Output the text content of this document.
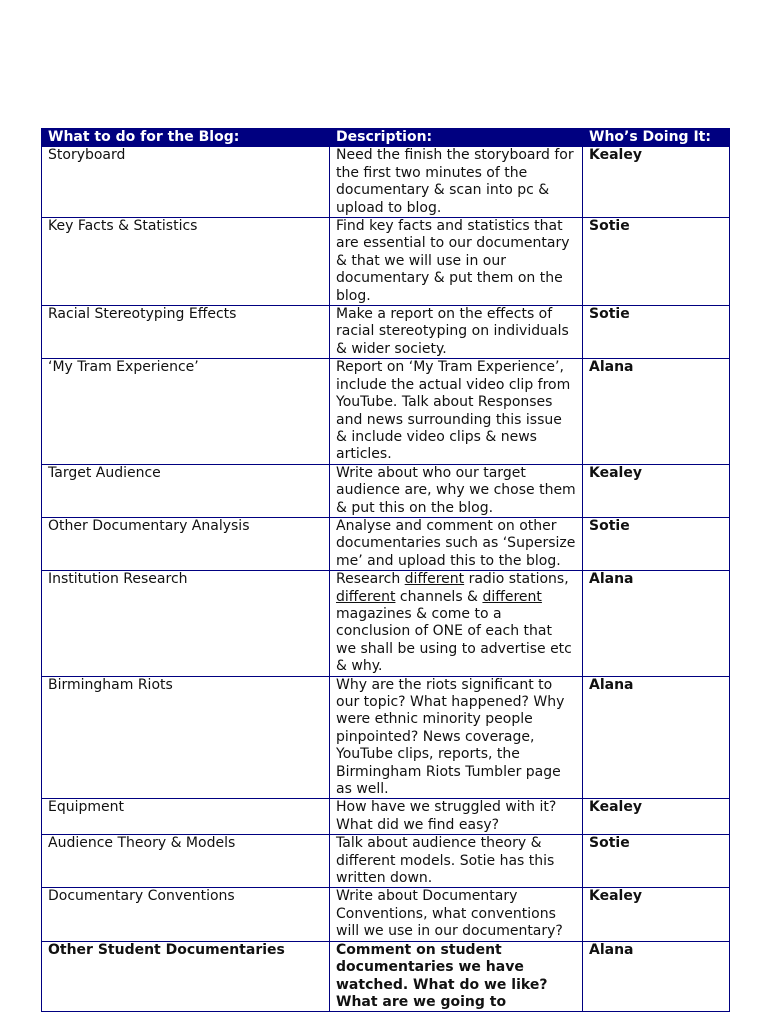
What to do for the Blog:	Description:	Who’s Doing It:
Storyboard	Need the finish the storyboard for the first two minutes of the documentary & scan into pc & upload to blog.	Kealey
Key Facts & Statistics	Find key facts and statistics that are essential to our documentary & that we will use in our documentary & put them on the blog.	Sotie
Racial Stereotyping Effects	Make a report on the effects of racial stereotyping on individuals & wider society.	Sotie
‘My Tram Experience’	Report on ‘My Tram Experience’, include the actual video clip from YouTube. Talk about Responses and news surrounding this issue & include video clips & news articles.	Alana
Target Audience	Write about who our target audience are, why we chose them & put this on the blog.	Kealey
Other Documentary Analysis	Analyse and comment on other documentaries such as ‘Supersize me’ and upload this to the blog.	Sotie
Institution Research	Research different radio stations, different channels & different magazines & come to a conclusion of ONE of each that we shall be using to advertise etc & why.	Alana
Birmingham Riots	Why are the riots significant to our topic? What happened? Why were ethnic minority people pinpointed? News coverage, YouTube clips, reports, the Birmingham Riots Tumbler page as well.	Alana
Equipment	How have we struggled with it? What did we find easy?	Kealey
Audience Theory & Models	Talk about audience theory & different models. Sotie has this written down.	Sotie
Documentary Conventions	Write about Documentary Conventions, what conventions will we use in our documentary?	Kealey
Other Student Documentaries	Comment on student documentaries we have watched. What do we like? What are we going to	Alana
